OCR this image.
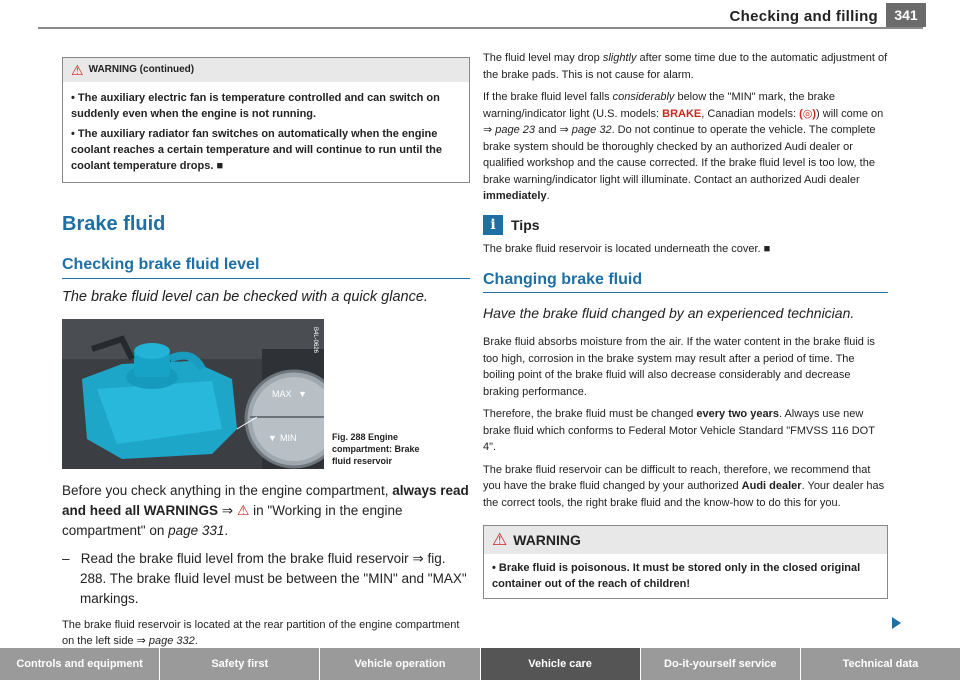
Checking and filling	341
⚠ WARNING (continued)

• The auxiliary electric fan is temperature controlled and can switch on suddenly even when the engine is not running.

• The auxiliary radiator fan switches on automatically when the engine coolant reaches a certain temperature and will continue to run until the coolant temperature drops. ■

Brake fluid
Checking brake fluid level
The brake fluid level can be checked with a quick glance.
MAX ▼
▼ MIN
B4L-0626
Fig. 288 Engine compartment: Brake fluid reservoir

Before you check anything in the engine compartment, always read and heed all WARNINGS ⇒ ⚠ in "Working in the engine compartment" on page 331.

–   Read the brake fluid level from the brake fluid reservoir ⇒ fig. 288. The brake fluid level must be between the "MIN" and "MAX" markings.

The brake fluid reservoir is located at the rear partition of the engine compartment on the left side ⇒ page 332.

The fluid level may drop slightly after some time due to the automatic adjustment of the brake pads. This is not cause for alarm.

If the brake fluid level falls considerably below the "MIN" mark, the brake warning/indicator light (U.S. models: BRAKE, Canadian models: (◎)) will come on ⇒ page 23 and ⇒ page 32. Do not continue to operate the vehicle. The complete brake system should be thoroughly checked by an authorized Audi dealer or qualified workshop and the cause corrected. If the brake fluid level is too low, the brake warning/indicator light will illuminate. Contact an authorized Audi dealer immediately.

i	Tips

The brake fluid reservoir is located underneath the cover. ■

Changing brake fluid
Have the brake fluid changed by an experienced technician.

Brake fluid absorbs moisture from the air. If the water content in the brake fluid is too high, corrosion in the brake system may result after a period of time. The boiling point of the brake fluid will also decrease considerably and decrease braking performance.

Therefore, the brake fluid must be changed every two years. Always use new brake fluid which conforms to Federal Motor Vehicle Standard "FMVSS 116 DOT 4".

The brake fluid reservoir can be difficult to reach, therefore, we recommend that you have the brake fluid changed by your authorized Audi dealer. Your dealer has the correct tools, the right brake fluid and the know-how to do this for you.

⚠ WARNING
• Brake fluid is poisonous. It must be stored only in the closed original container out of the reach of children!
Controls and equipment	Safety first	Vehicle operation	Vehicle care	Do-it-yourself service	Technical data
